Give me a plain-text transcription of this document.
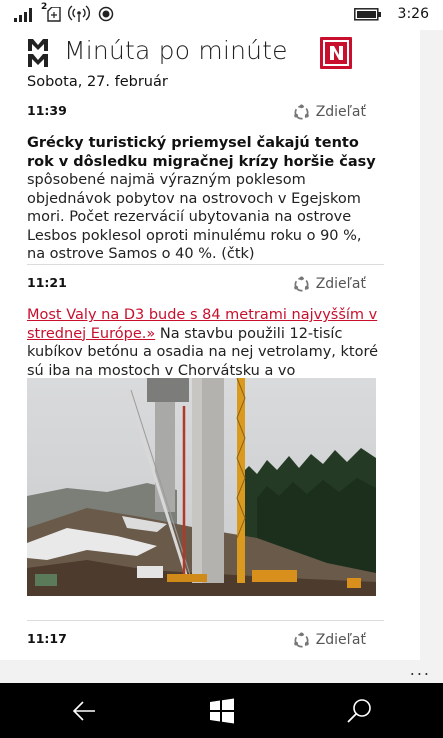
2	3:26
Minúta po minúte
Sobota, 27. február
11:39	Zdieľať

Grécky turistický priemysel čakajú tento rok v dôsledku migračnej krízy horšie časy spôsobené najmä výrazným poklesom objednávok pobytov na ostrovoch v Egejskom mori. Počet rezervácií ubytovania na ostrove Lesbos poklesol oproti minulému roku o 90 %, na ostrove Samos o 40 %. (čtk)

11:21	Zdieľať

Most Valy na D3 bude s 84 metrami najvyšším v strednej Európe.» Na stavbu použili 12-tisíc kubíkov betónu a osadia na nej vetrolamy, ktoré sú iba na mostoch v Chorvátsku a vo

11:17	Zdieľať
...
